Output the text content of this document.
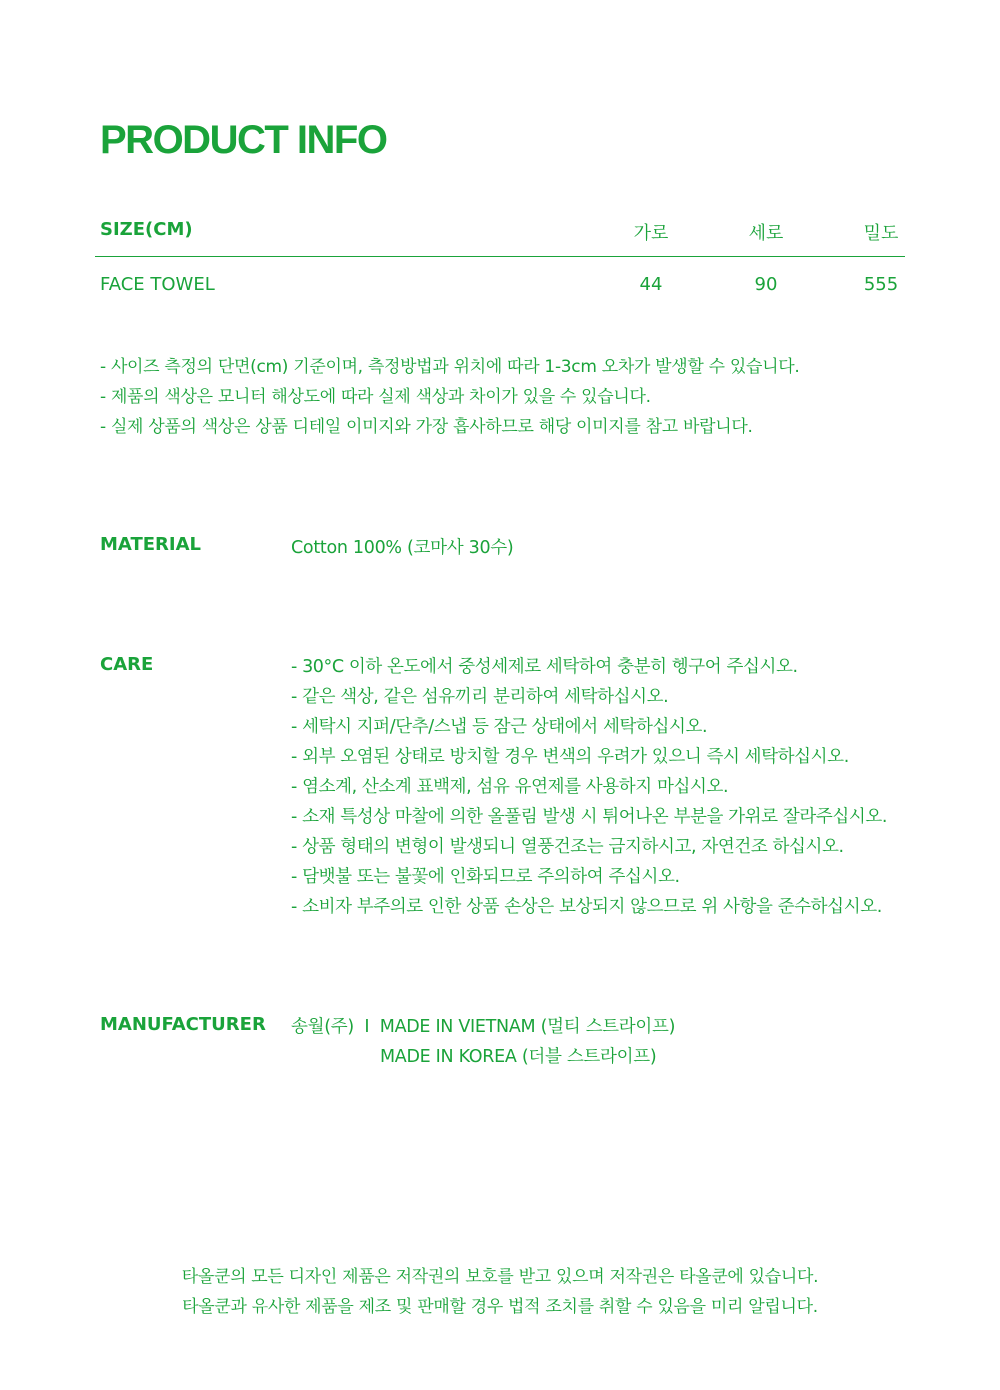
PRODUCT INFO
SIZE(CM)	가로	세로	밀도
FACE TOWEL	44	90	555
- 사이즈 측정의 단면(cm) 기준이며, 측정방법과 위치에 따라 1-3cm 오차가 발생할 수 있습니다.
- 제품의 색상은 모니터 해상도에 따라 실제 색상과 차이가 있을 수 있습니다.
- 실제 상품의 색상은 상품 디테일 이미지와 가장 흡사하므로 해당 이미지를 참고 바랍니다.
MATERIAL	Cotton 100% (코마사 30수)
CARE	- 30°C 이하 온도에서 중성세제로 세탁하여 충분히 헹구어 주십시오.
- 같은 색상, 같은 섬유끼리 분리하여 세탁하십시오.
- 세탁시 지퍼/단추/스냅 등 잠근 상태에서 세탁하십시오.
- 외부 오염된 상태로 방치할 경우 변색의 우려가 있으니 즉시 세탁하십시오.
- 염소계, 산소계 표백제, 섬유 유연제를 사용하지 마십시오.
- 소재 특성상 마찰에 의한 올풀림 발생 시 튀어나온 부분을 가위로 잘라주십시오.
- 상품 형태의 변형이 발생되니 열풍건조는 금지하시고, 자연건조 하십시오.
- 담뱃불 또는 불꽃에 인화되므로 주의하여 주십시오.
- 소비자 부주의로 인한 상품 손상은 보상되지 않으므로 위 사항을 준수하십시오.
MANUFACTURER 송월(주)  I  MADE IN VIETNAM (멀티 스트라이프)
MADE IN KOREA (더블 스트라이프)
타올쿤의 모든 디자인 제품은 저작권의 보호를 받고 있으며 저작권은 타올쿤에 있습니다.
타올쿤과 유사한 제품을 제조 및 판매할 경우 법적 조치를 취할 수 있음을 미리 알립니다.
